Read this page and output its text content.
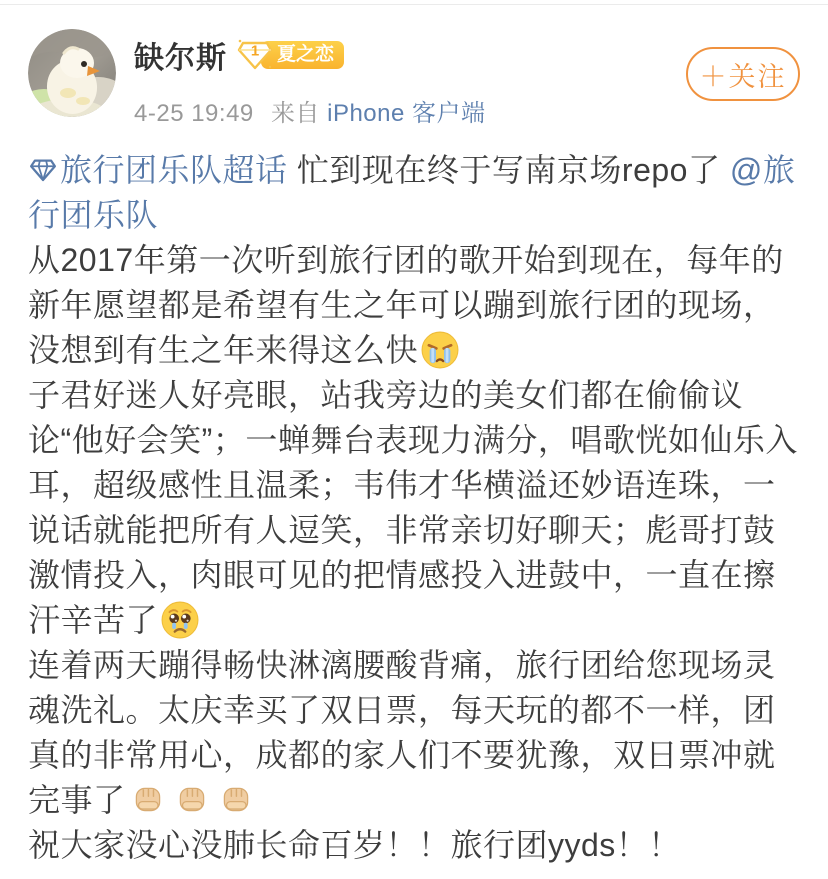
缺尔斯 1 夏之恋
4-25 19:49 来自 iPhone 客户端
＋关注
旅行团乐队超话 忙到现在终于写南京场repo了 @旅行团乐队
从2017年第一次听到旅行团的歌开始到现在，每年的新年愿望都是希望有生之年可以蹦到旅行团的现场，没想到有生之年来得这么快
子君好迷人好亮眼，站我旁边的美女们都在偷偷议论“他好会笑”；一蝉舞台表现力满分，唱歌恍如仙乐入耳，超级感性且温柔；韦伟才华横溢还妙语连珠，一说话就能把所有人逗笑，非常亲切好聊天；彪哥打鼓激情投入，肉眼可见的把情感投入进鼓中，一直在擦汗辛苦了
连着两天蹦得畅快淋漓腰酸背痛，旅行团给您现场灵魂洗礼。太庆幸买了双日票，每天玩的都不一样，团真的非常用心，成都的家人们不要犹豫，双日票冲就完事了
祝大家没心没肺长命百岁！！旅行团yyds！！
